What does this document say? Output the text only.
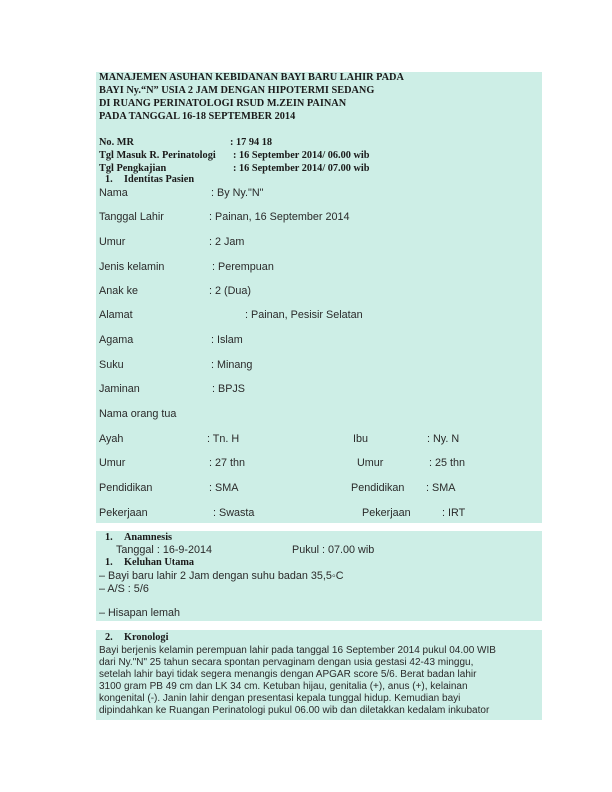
MANAJEMEN ASUHAN KEBIDANAN BAYI BARU LAHIR PADA
BAYI Ny.“N” USIA 2 JAM DENGAN HIPOTERMI SEDANG
DI RUANG PERINATOLOGI RSUD M.ZEIN PAINAN
PADA TANGGAL 16-18 SEPTEMBER 2014
No. MR	: 17 94 18
Tgl Masuk R. Perinatologi : 16 September 2014/ 06.00 wib
Tgl Pengkajian	: 16 September 2014/ 07.00 wib
1. Identitas Pasien
Nama	: By Ny."N"
Tanggal Lahir	: Painan, 16 September 2014
Umur	: 2 Jam
Jenis kelamin	: Perempuan
Anak ke	: 2 (Dua)
Alamat	: Painan, Pesisir Selatan
Agama	: Islam
Suku	: Minang
Jaminan	: BPJS
Nama orang tua
Ayah	: Tn. H	Ibu	: Ny. N
Umur	: 27 thn	Umur	: 25 thn
Pendidikan	: SMA	Pendidikan : SMA
Pekerjaan	: Swasta	Pekerjaan	: IRT
1. Anamnesis
Tanggal : 16-9-2014	Pukul : 07.00 wib
1. Keluhan Utama
– Bayi baru lahir 2 Jam dengan suhu badan 35,5◦C
– A/S : 5/6
– Hisapan lemah
2. Kronologi
Bayi berjenis kelamin perempuan lahir pada tanggal 16 September 2014 pukul 04.00 WIB
dari Ny."N" 25 tahun secara spontan pervaginam dengan usia gestasi 42-43 minggu,
setelah lahir bayi tidak segera menangis dengan APGAR score 5/6. Berat badan lahir
3100 gram PB 49 cm dan LK 34 cm. Ketuban hijau, genitalia (+), anus (+), kelainan
kongenital (-). Janin lahir dengan presentasi kepala tunggal hidup. Kemudian bayi
dipindahkan ke Ruangan Perinatologi pukul 06.00 wib dan diletakkan kedalam inkubator
